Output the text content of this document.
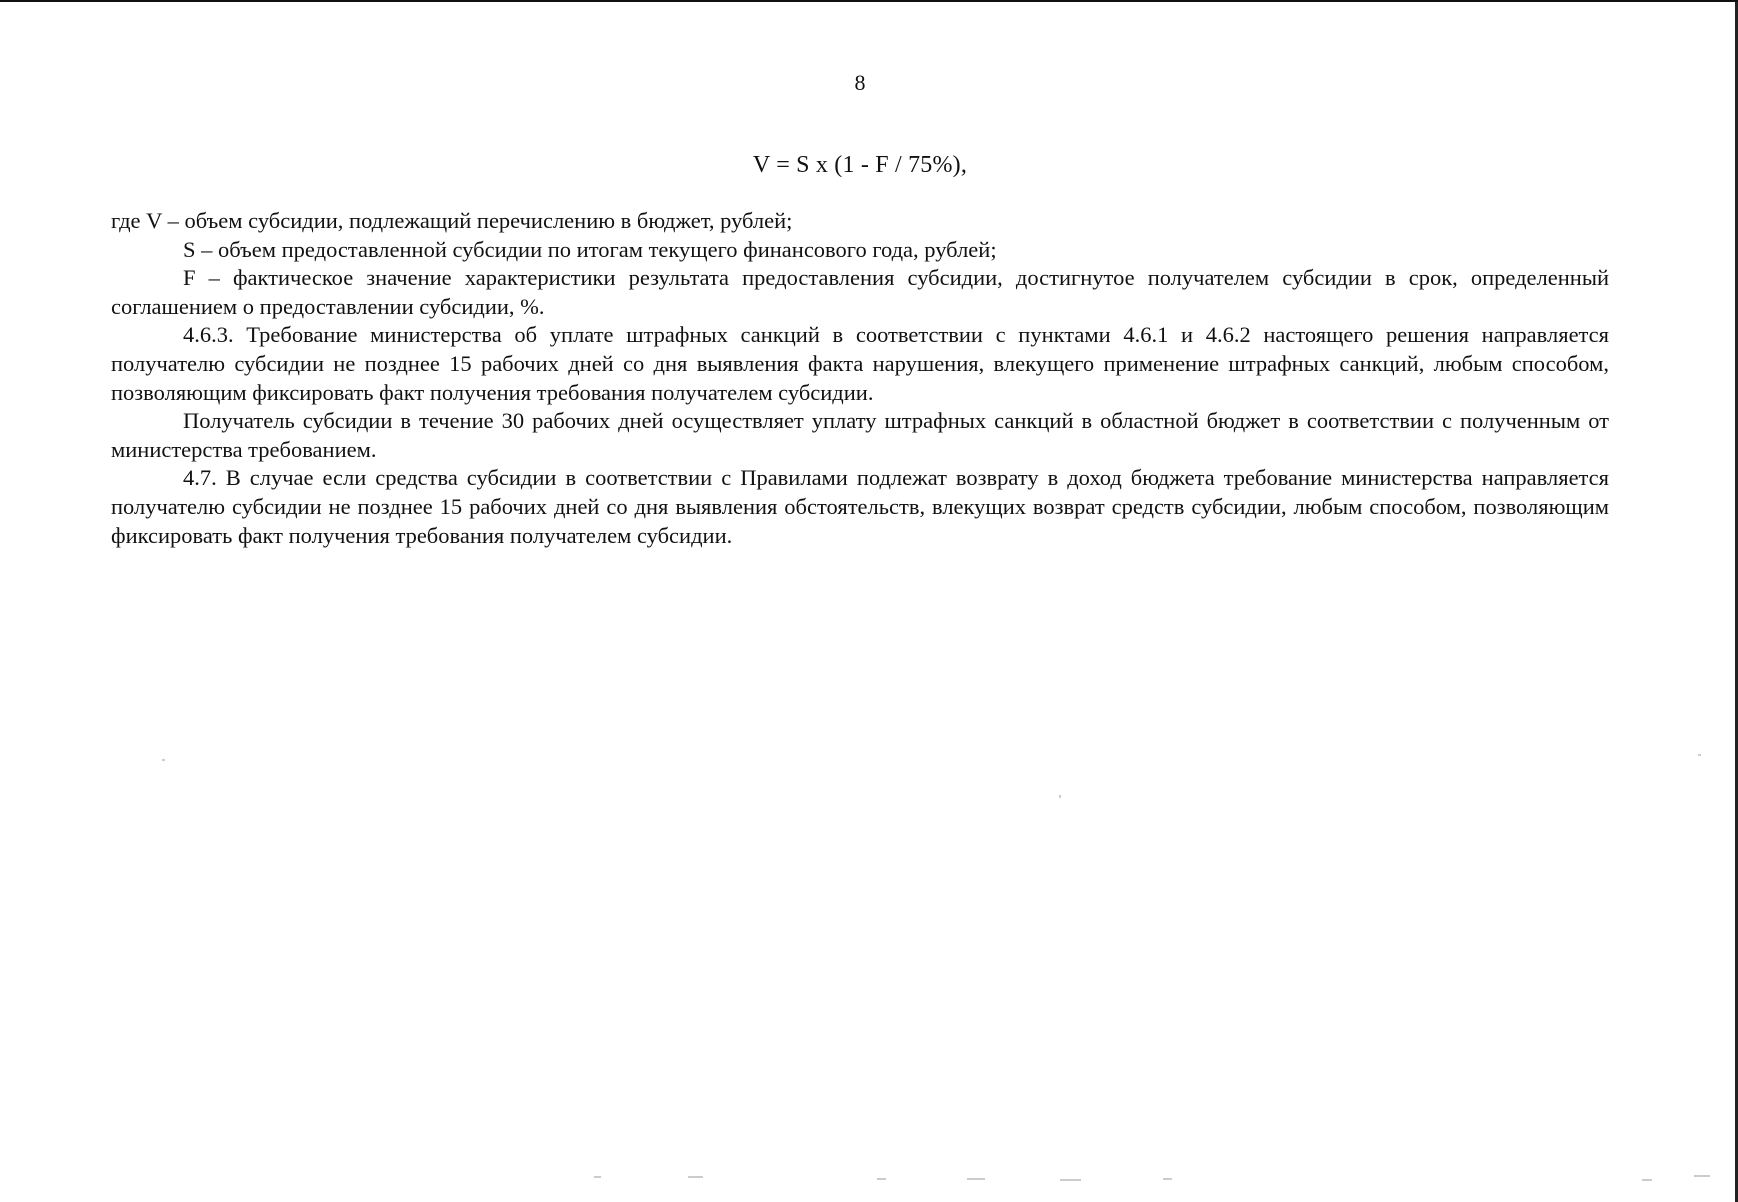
8
V = S x (1 - F / 75%),

где V – объем субсидии, подлежащий перечислению в бюджет, рублей;

S – объем предоставленной субсидии по итогам текущего финансового года, рублей;

F – фактическое значение характеристики результата предоставления субсидии, достигнутое получателем субсидии в срок, определенный соглашением о предоставлении субсидии, %.

4.6.3. Требование министерства об уплате штрафных санкций в соответствии с пунктами 4.6.1 и 4.6.2 настоящего решения направляется получателю субсидии не позднее 15 рабочих дней со дня выявления факта нарушения, влекущего применение штрафных санкций, любым способом, позволяющим фиксировать факт получения требования получателем субсидии.

Получатель субсидии в течение 30 рабочих дней осуществляет уплату штрафных санкций в областной бюджет в соответствии с полученным от министерства требованием.

4.7. В случае если средства субсидии в соответствии с Правилами подлежат возврату в доход бюджета требование министерства направляется получателю субсидии не позднее 15 рабочих дней со дня выявления обстоятельств, влекущих возврат средств субсидии, любым способом, позволяющим фиксировать факт получения требования получателем субсидии.
